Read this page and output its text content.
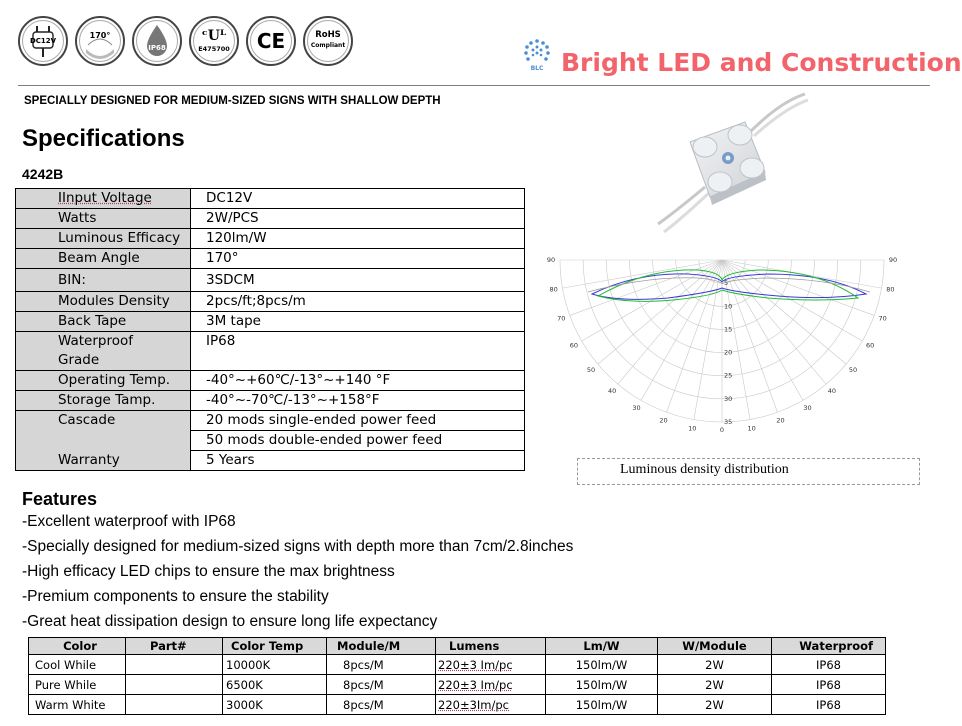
DC12V
170°
IP68
ᶜUᴸ
E475700 CE	RoHS
Compliant
BLC Bright LED and Construction
SPECIALLY DESIGNED FOR MEDIUM-SIZED SIGNS WITH SHALLOW DEPTH
Specifications
4242B
IInput Voltage	DC12V
Watts	2W/PCS
Luminous Efficacy	120lm/W
Beam Angle	170°
BIN:	3SDCM
Modules Density	2pcs/ft;8pcs/m
Back Tape	3M tape
Waterproof
Grade	IP68
Operating Temp.	-40°~+60℃/-13°~+140 °F
Storage Tamp.	-40°~-70℃/-13°~+158°F
Cascade	20 mods single-ended power feed
	50 mods double-ended power feed
Warranty	5 Years
90
80
70
60
50
40
30
20
10
90
80
70
60
50
40
30
20
10
0
5
10
15
20
25
30
35
Luminous density distribution
Features
-Excellent waterproof with IP68
-Specially designed for medium-sized signs with depth more than 7cm/2.8inches
-High efficacy LED chips to ensure the max brightness
-Premium components to ensure the stability
-Great heat dissipation design to ensure long life expectancy
Color	Part#	Color Temp	Module/M	Lumens	Lm/W	W/Module	Waterproof
Cool While		10000K	8pcs/M	220±3 Im/pc	150lm/W	2W	IP68
Pure While		6500K	8pcs/M	220±3 Im/pc	150lm/W	2W	IP68
Warm White		3000K	8pcs/M	220±3Im/pc	150lm/W	2W	IP68
